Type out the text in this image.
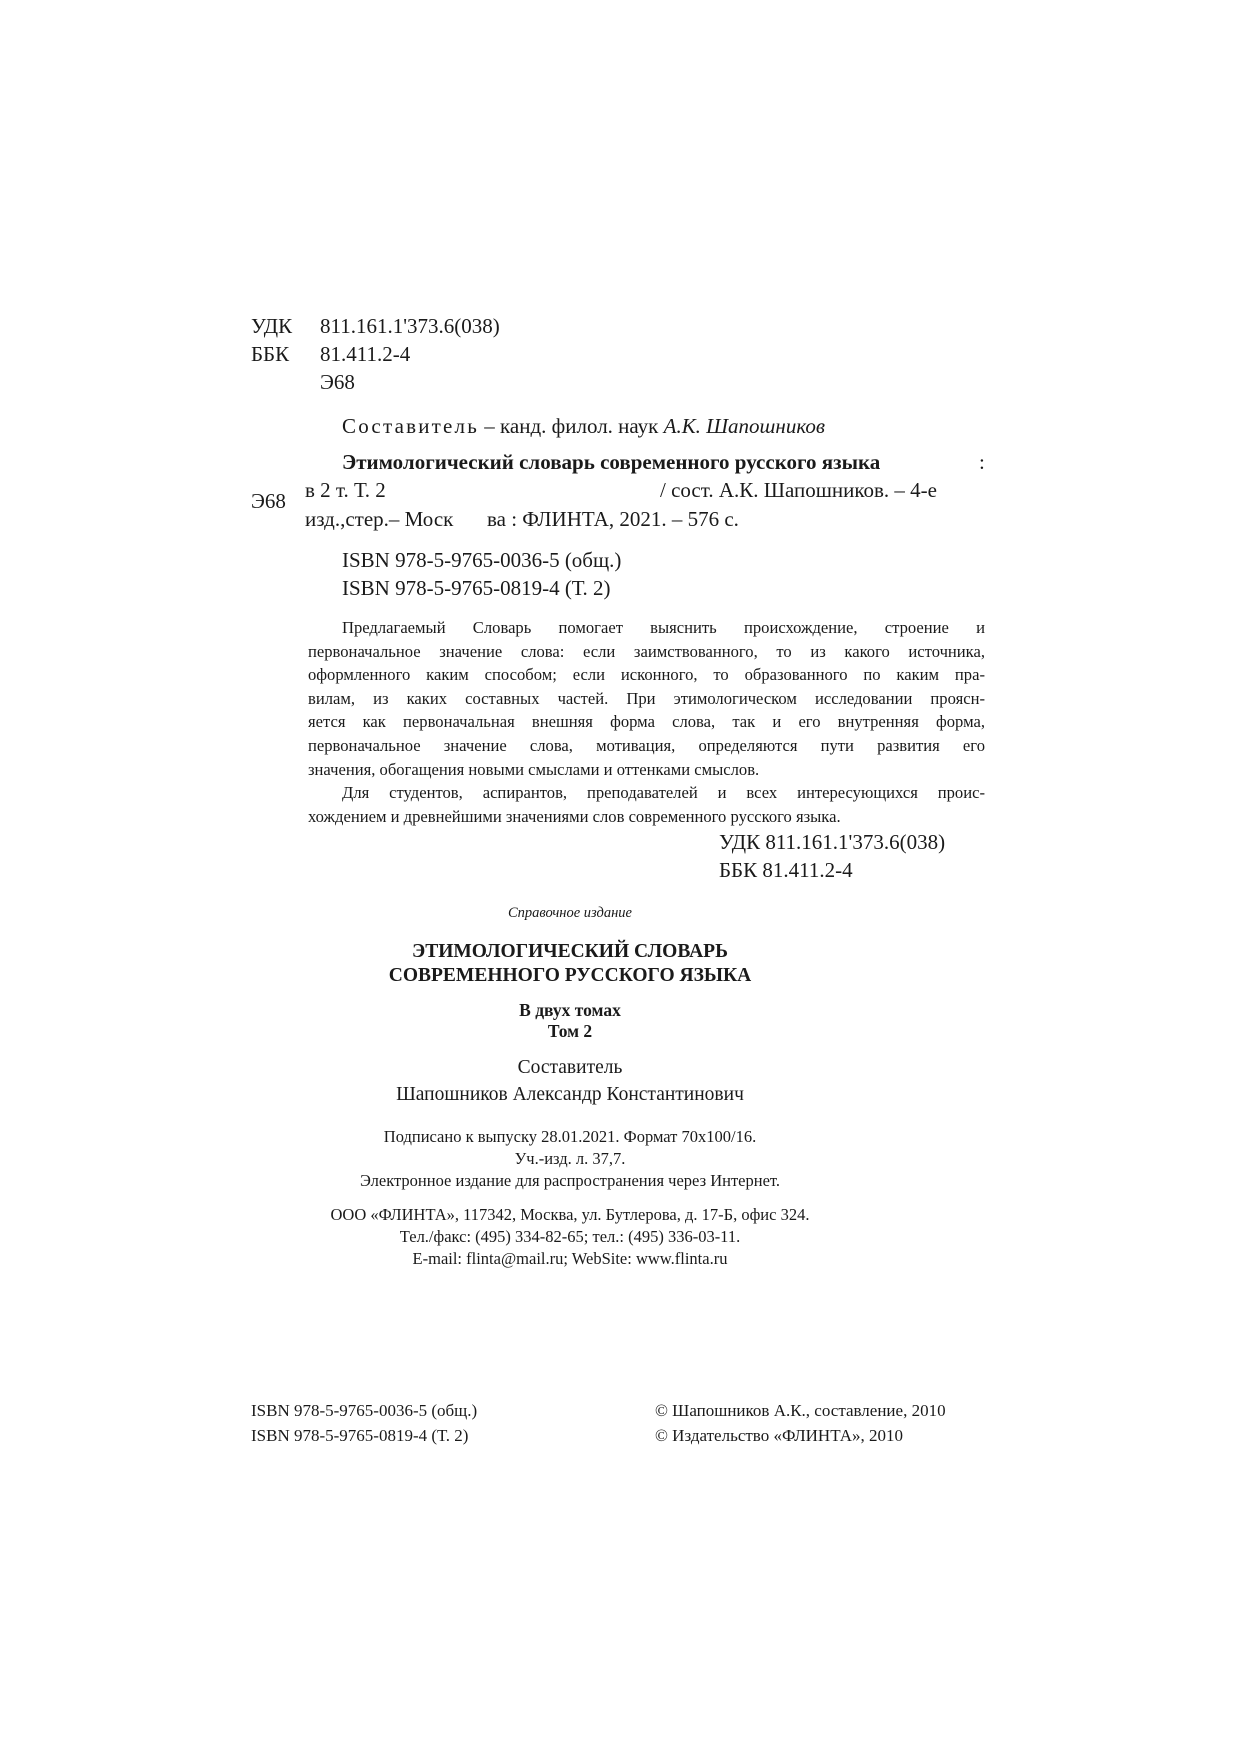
УДК 811.161.1'373.6(038)
ББК 81.411.2-4
Э68
Составитель – канд. филол. наук А.К. Шапошников
Э68
Этимологический словарь современного русского языка	:
в 2 т. Т. 2	/ сост. А.К. Шапошников. – 4-е
изд.,стер.– Моск ва : ФЛИНТА, 2021. – 576 с.
ISBN 978-5-9765-0036-5 (общ.)
ISBN 978-5-9765-0819-4 (Т. 2)
Предлагаемый Словарь помогает выяснить происхождение, строение и
первоначальное значение слова: если заимствованного, то из какого источника,
оформленного каким способом; если исконного, то образованного по каким пра-
вилам, из каких составных частей. При этимологическом исследовании проясн-
яется как первоначальная внешняя форма слова, так и его внутренняя форма,
первоначальное значение слова, мотивация, определяются пути развития его
значения, обогащения новыми смыслами и оттенками смыслов.
Для студентов, аспирантов, преподавателей и всех интересующихся проис-
хождением и древнейшими значениями слов современного русского языка.
УДК 811.161.1'373.6(038)
ББК 81.411.2-4
Справочное издание
ЭТИМОЛОГИЧЕСКИЙ СЛОВАРЬ
СОВРЕМЕННОГО РУССКОГО ЯЗЫКА
В двух томах
Том 2
Составитель
Шапошников Александр Константинович
Подписано к выпуску 28.01.2021. Формат 70x100/16.
Уч.-изд. л. 37,7.
Электронное издание для распространения через Интернет.
ООО «ФЛИНТА», 117342, Москва, ул. Бутлерова, д. 17-Б, офис 324.
Тел./факс: (495) 334-82-65; тел.: (495) 336-03-11.
E-mail: flinta@mail.ru; WebSite: www.flinta.ru
ISBN 978-5-9765-0036-5 (общ.)
ISBN 978-5-9765-0819-4 (Т. 2)
© Шапошников А.К., составление, 2010
© Издательство «ФЛИНТА», 2010
